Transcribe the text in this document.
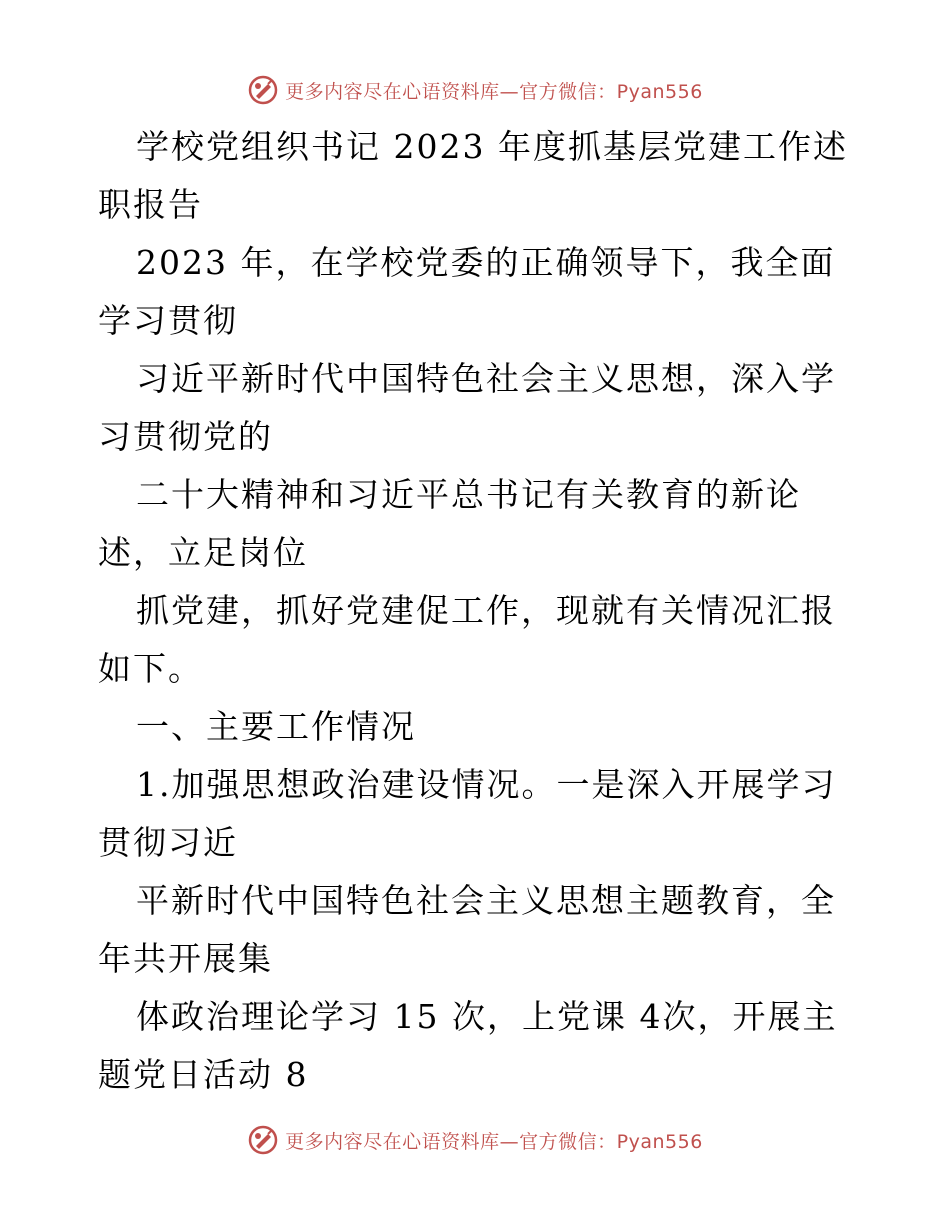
更多内容尽在心语资料库—官方微信：Pyan556

学校党组织书记 2023 年度抓基层党建工作述职报告

2023 年，在学校党委的正确领导下，我全面学习贯彻

习近平新时代中国特色社会主义思想，深入学习贯彻党的

二十大精神和习近平总书记有关教育的新论述，立足岗位

抓党建，抓好党建促工作，现就有关情况汇报如下。

一、主要工作情况

1.加强思想政治建设情况。一是深入开展学习贯彻习近

平新时代中国特色社会主义思想主题教育，全年共开展集

体政治理论学习 15 次，上党课 4次，开展主题党日活动 8

更多内容尽在心语资料库—官方微信：Pyan556
